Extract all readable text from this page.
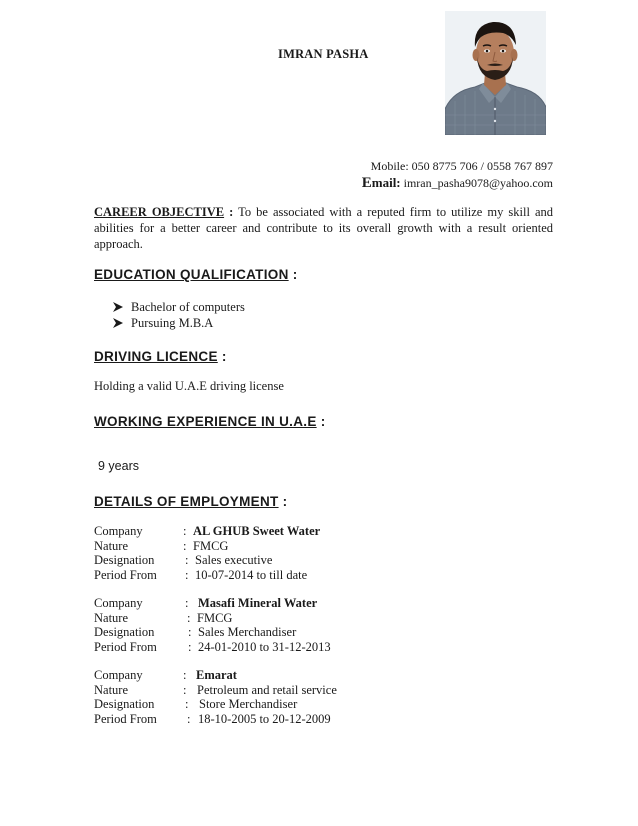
IMRAN PASHA
Mobile: 050 8775 706 / 0558 767 897
Email: imran_pasha9078@yahoo.com
CAREER OBJECTIVE : To be associated with a reputed firm to utilize my skill and abilities for a better career and contribute to its overall growth with a result oriented approach.
EDUCATION QUALIFICATION :
Bachelor of computers
Pursuing M.B.A
DRIVING LICENCE :
Holding a valid U.A.E driving license
WORKING EXPERIENCE IN U.A.E :
9 years
DETAILS OF EMPLOYMENT :
Company	: AL GHUB Sweet Water
Nature	: FMCG
Designation : Sales executive
Period From : 10-07-2014 to till date
Company	: Masafi Mineral Water
Nature	: FMCG
Designation	: Sales Merchandiser
Period From : 24-01-2010 to 31-12-2013
Company	: Emarat
Nature	: Petroleum and retail service
Designation : Store Merchandiser
Period From : 18-10-2005 to 20-12-2009
